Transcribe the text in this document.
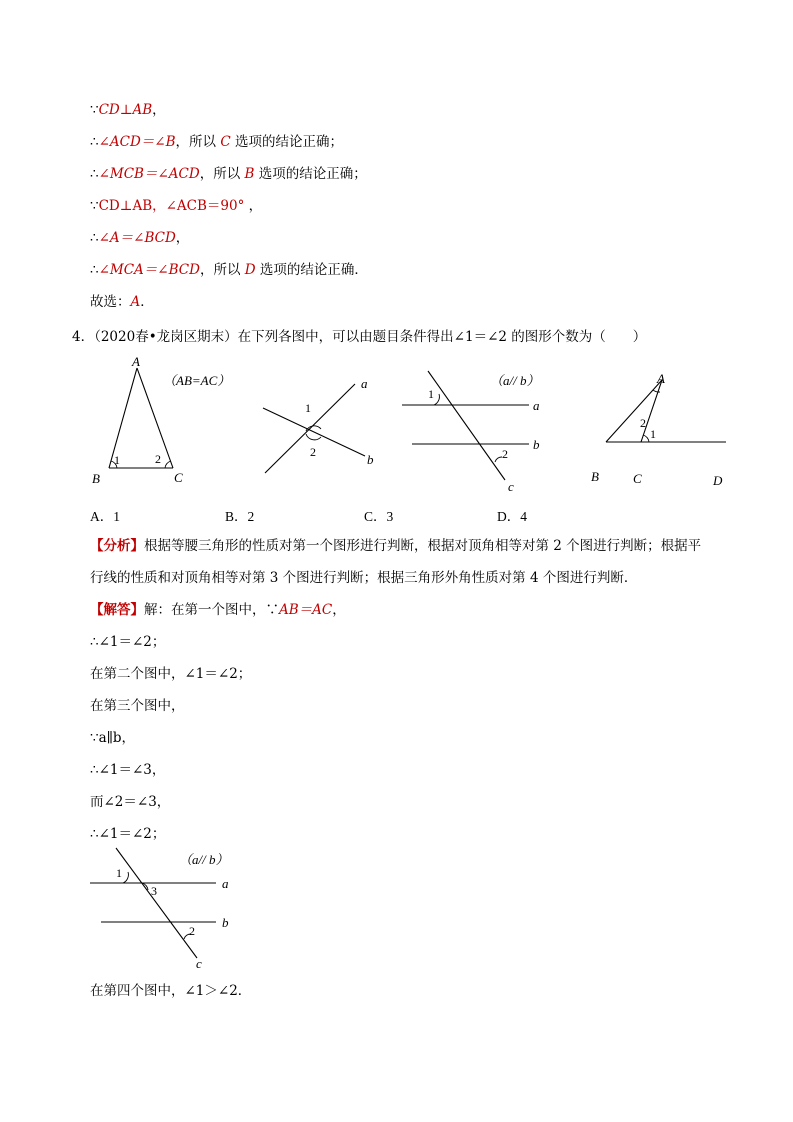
∵CD⊥AB，
∴∠ACD＝∠B，所以 C 选项的结论正确；
∴∠MCB＝∠ACD，所以 B 选项的结论正确；
∵CD⊥AB，∠ACB＝90° ，
∴∠A＝∠BCD，
∴∠MCA＝∠BCD，所以 D 选项的结论正确．
故选：A．
4．（2020春•龙岗区期末）在下列各图中，可以由题目条件得出∠1＝∠2 的图形个数为（　　）
A
B	C
1	2
（AB=AC）	a
b
1
2
a
b
c
1
2
（a// b）	A
B	C	D
1
2
A．1	B．2	C．3	D．4
【分析】根据等腰三角形的性质对第一个图形进行判断，根据对顶角相等对第 2 个图进行判断；根据平
行线的性质和对顶角相等对第 3 个图进行判断；根据三角形外角性质对第 4 个图进行判断．
【解答】解：在第一个图中，∵AB＝AC，
∴∠1＝∠2；
在第二个图中，∠1＝∠2；
在第三个图中，
∵a∥b，
∴∠1＝∠3，
而∠2＝∠3，
∴∠1＝∠2；
a
b
c
1
3
2
（a// b）
在第四个图中，∠1＞∠2．
